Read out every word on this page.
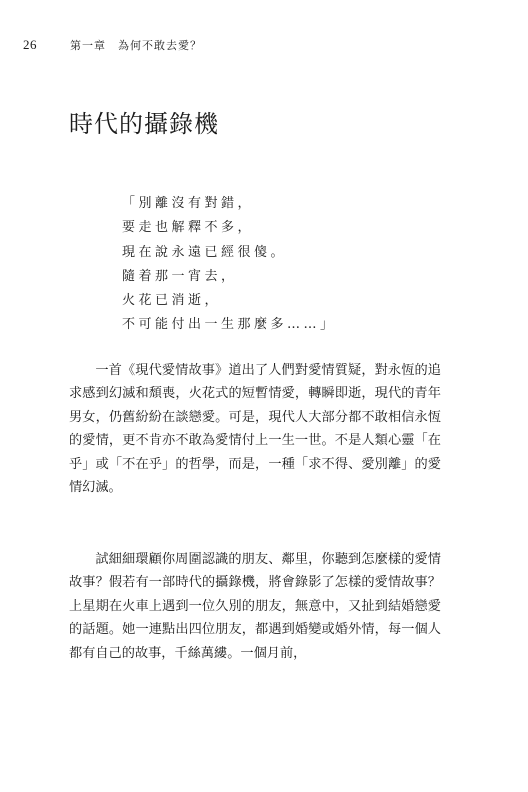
26	第一章　為何不敢去愛？
時代的攝錄機
「別離沒有對錯，
要走也解釋不多，
現在說永遠已經很傻。
隨着那一宵去，
火花已消逝，
不可能付出一生那麼多……」

一首《現代愛情故事》道出了人們對愛情質疑，對永恆的追求感到幻滅和頹喪，火花式的短暫情愛，轉瞬即逝，現代的青年男女，仍舊紛紛在談戀愛。可是，現代人大部分都不敢相信永恆的愛情，更不肯亦不敢為愛情付上一生一世。不是人類心靈「在乎」或「不在乎」的哲學，而是，一種「求不得、愛別離」的愛情幻滅。

試細細環顧你周圍認識的朋友、鄰里，你聽到怎麼樣的愛情故事？假若有一部時代的攝錄機，將會錄影了怎樣的愛情故事？上星期在火車上遇到一位久別的朋友，無意中，又扯到結婚戀愛的話題。她一連點出四位朋友，都遇到婚變或婚外情，每一個人都有自己的故事，千絲萬縷。一個月前，
